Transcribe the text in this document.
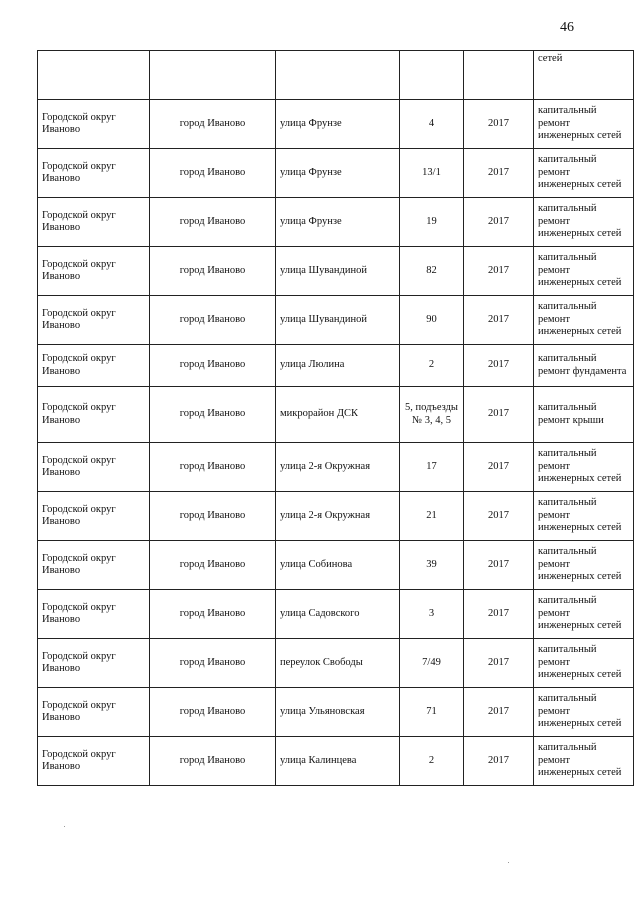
46
					сетей
Городской округ Иваново	город Иваново	улица Фрунзе	4	2017	капитальный ремонт инженерных сетей
Городской округ Иваново	город Иваново	улица Фрунзе	13/1	2017	капитальный ремонт инженерных сетей
Городской округ Иваново	город Иваново	улица Фрунзе	19	2017	капитальный ремонт инженерных сетей
Городской округ Иваново	город Иваново	улица Шувандиной	82	2017	капитальный ремонт инженерных сетей
Городской округ Иваново	город Иваново	улица Шувандиной	90	2017	капитальный ремонт инженерных сетей
Городской округ Иваново	город Иваново	улица Люлина	2	2017	капитальный ремонт фундамента
Городской округ Иваново	город Иваново	микрорайон ДСК	5, подъезды № 3, 4, 5	2017	капитальный ремонт крыши
Городской округ Иваново	город Иваново	улица 2-я Окружная	17	2017	капитальный ремонт инженерных сетей
Городской округ Иваново	город Иваново	улица 2-я Окружная	21	2017	капитальный ремонт инженерных сетей
Городской округ Иваново	город Иваново	улица Собинова	39	2017	капитальный ремонт инженерных сетей
Городской округ Иваново	город Иваново	улица Садовского	3	2017	капитальный ремонт инженерных сетей
Городской округ Иваново	город Иваново	переулок Свободы	7/49	2017	капитальный ремонт инженерных сетей
Городской округ Иваново	город Иваново	улица Ульяновская	71	2017	капитальный ремонт инженерных сетей
Городской округ Иваново	город Иваново	улица Калинцева	2	2017	капитальный ремонт инженерных сетей
